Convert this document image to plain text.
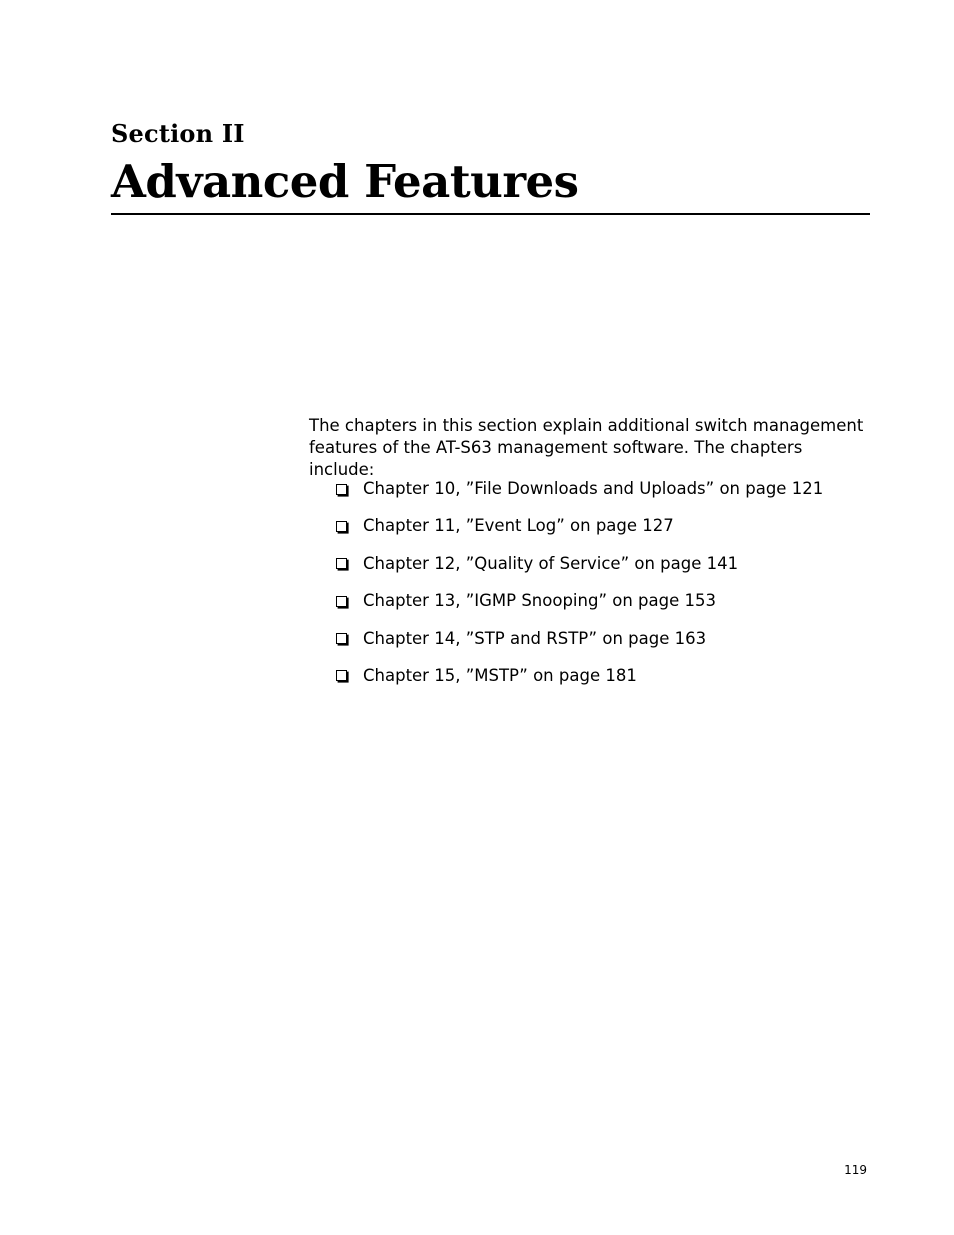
Section II
Advanced Features

The chapters in this section explain additional switch management features of the AT-S63 management software. The chapters include:

Chapter 10, ”File Downloads and Uploads” on page 121
Chapter 11, ”Event Log” on page 127
Chapter 12, ”Quality of Service” on page 141
Chapter 13, ”IGMP Snooping” on page 153
Chapter 14, ”STP and RSTP” on page 163
Chapter 15, ”MSTP” on page 181

119
